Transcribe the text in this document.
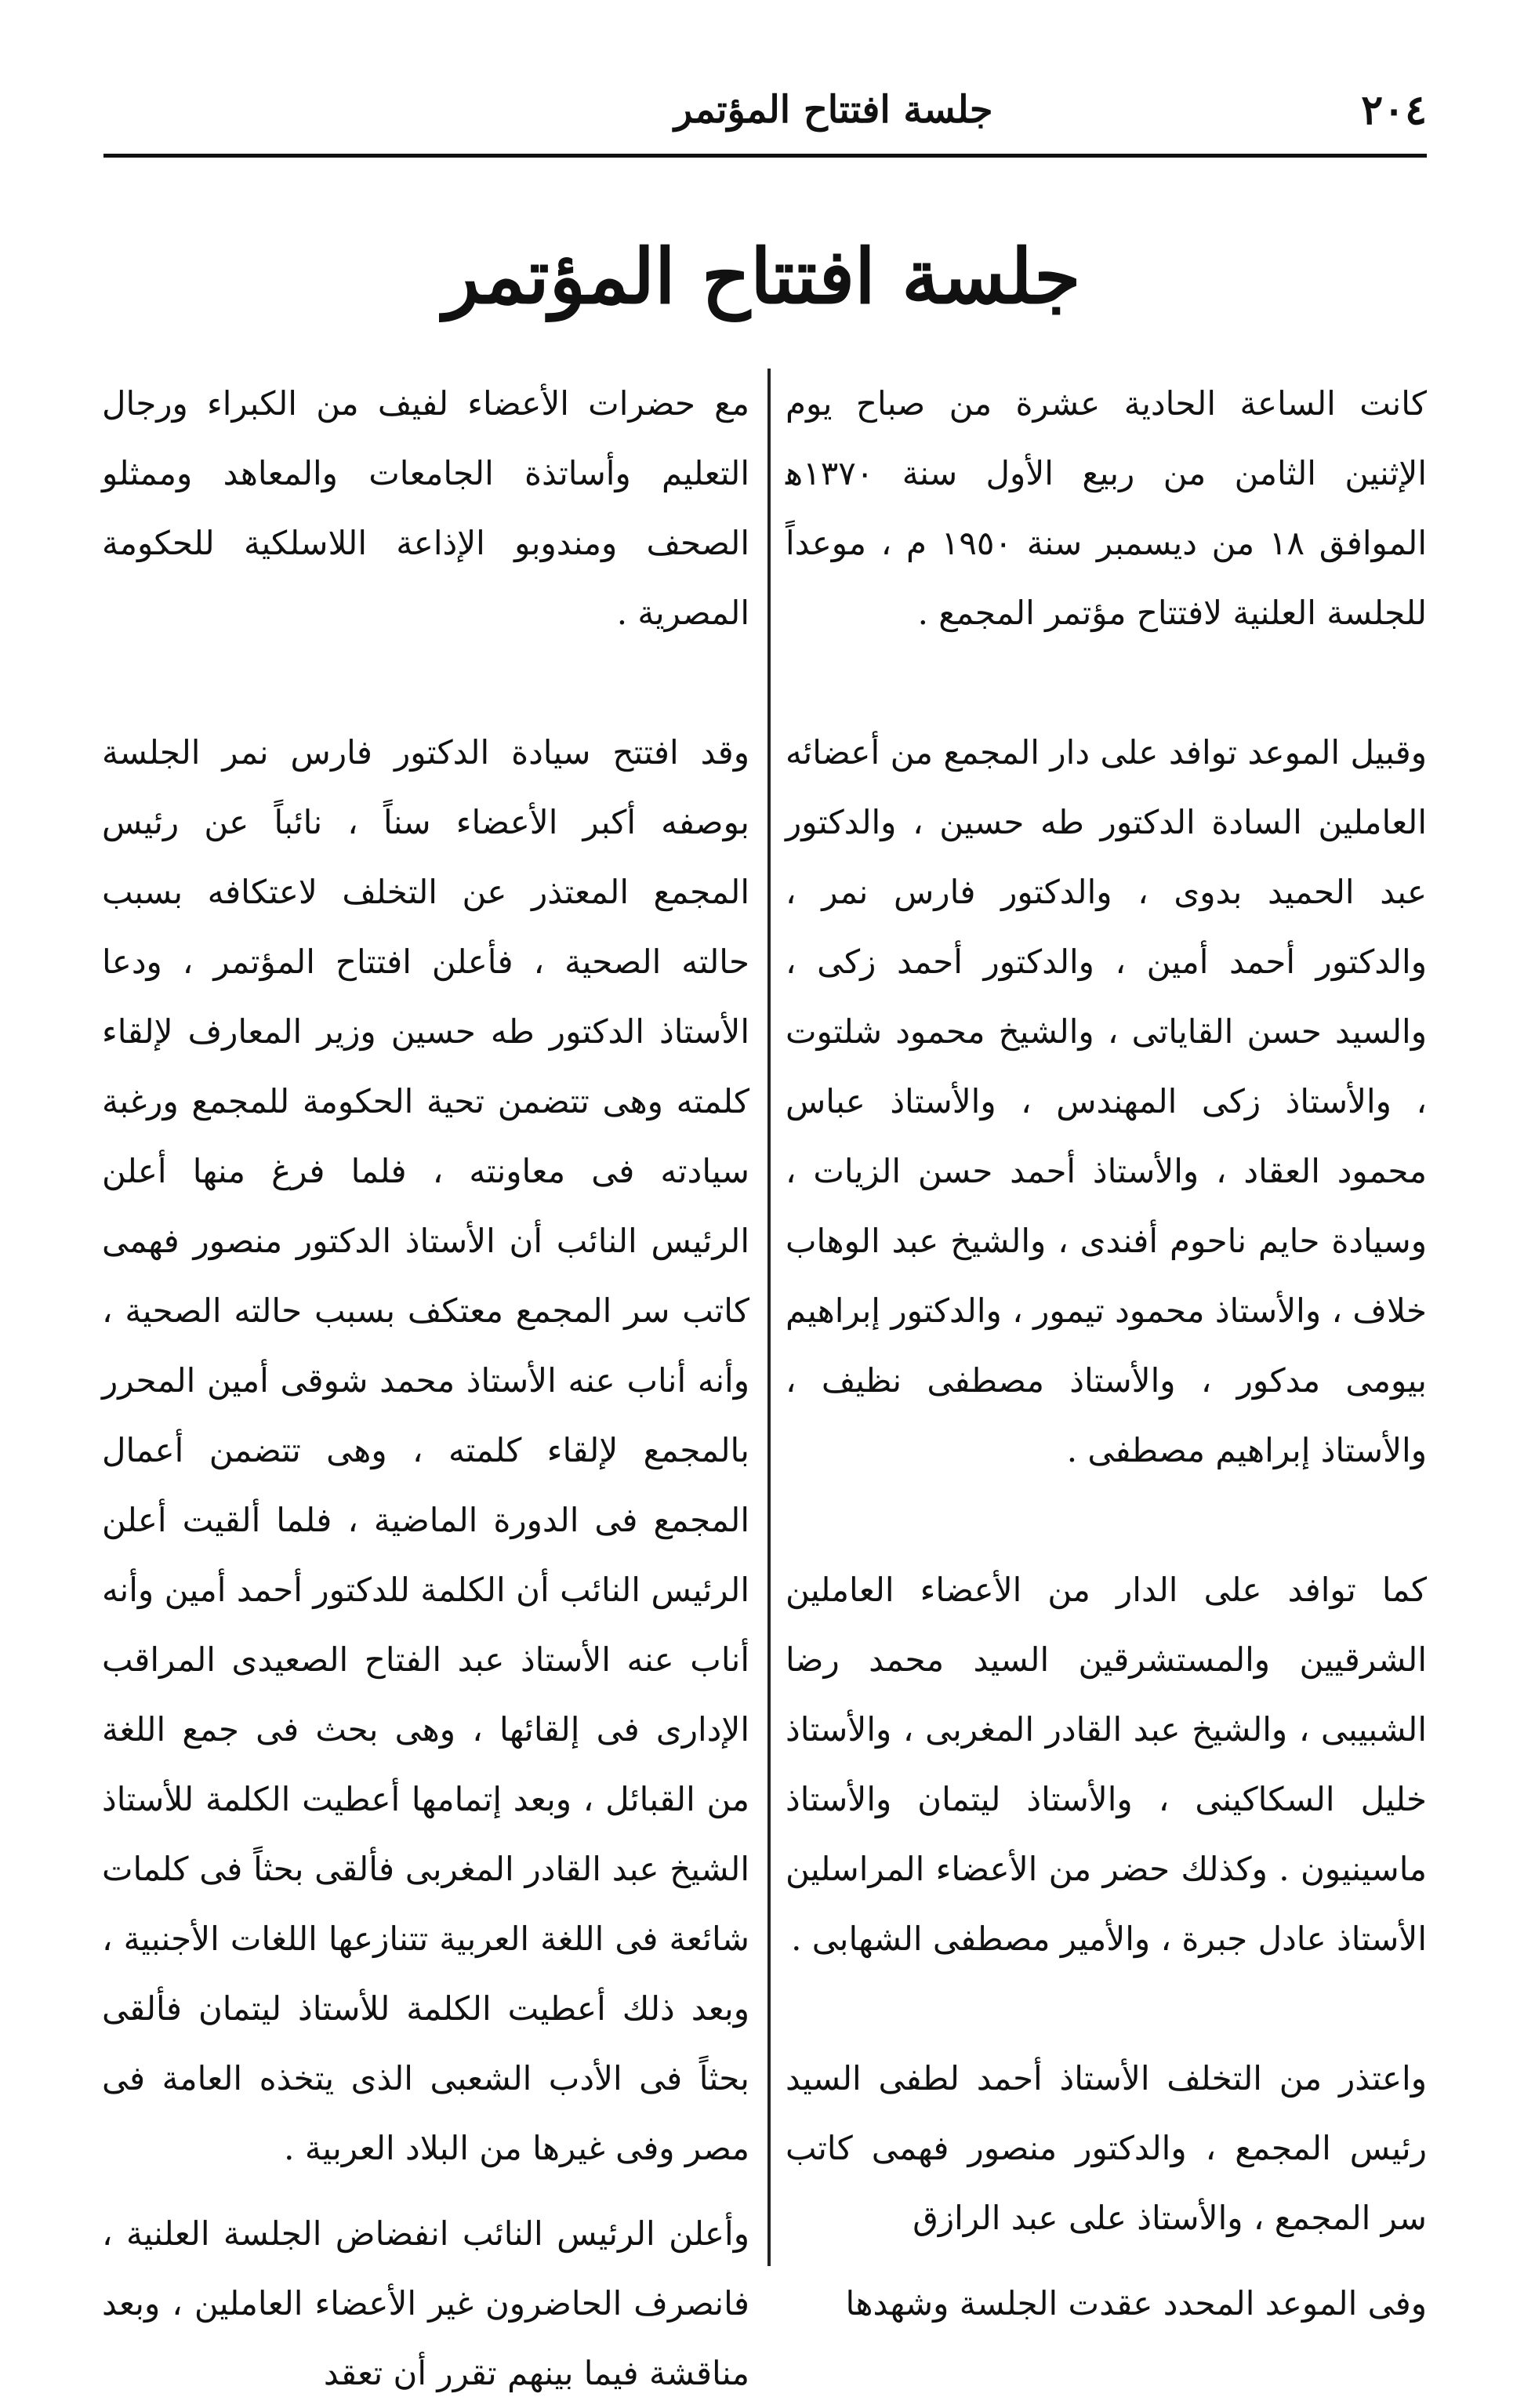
٢٠٤
جلسة افتتاح المؤتمر
جلسة افتتاح المؤتمر

كانت الساعة الحادية عشرة من صباح يوم الإثنين الثامن من ربيع الأول سنة ١٣٧٠ﻫ الموافق ١٨ من ديسمبر سنة ١٩٥٠ م ، موعداً للجلسة العلنية لافتتاح مؤتمر المجمع .

وقبيل الموعد توافد على دار المجمع من أعضائه العاملين السادة الدكتور طه حسين ، والدكتور عبد الحميد بدوى ، والدكتور فارس نمر ، والدكتور أحمد أمين ، والدكتور أحمد زكى ، والسيد حسن القاياتى ، والشيخ محمود شلتوت ، والأستاذ زكى المهندس ، والأستاذ عباس محمود العقاد ، والأستاذ أحمد حسن الزيات ، وسيادة حايم ناحوم أفندى ، والشيخ عبد الوهاب خلاف ، والأستاذ محمود تيمور ، والدكتور إبراهيم بيومى مدكور ، والأستاذ مصطفى نظيف ، والأستاذ إبراهيم مصطفى .

كما توافد على الدار من الأعضاء العاملين الشرقيين والمستشرقين السيد محمد رضا الشبيبى ، والشيخ عبد القادر المغربى ، والأستاذ خليل السكاكينى ، والأستاذ ليتمان والأستاذ ماسينيون . وكذلك حضر من الأعضاء المراسلين الأستاذ عادل جبرة ، والأمير مصطفى الشهابى .

واعتذر من التخلف الأستاذ أحمد لطفى السيد رئيس المجمع ، والدكتور منصور فهمى كاتب سر المجمع ، والأستاذ على عبد الرازق

وفى الموعد المحدد عقدت الجلسة وشهدها

مع حضرات الأعضاء لفيف من الكبراء ورجال التعليم وأساتذة الجامعات والمعاهد وممثلو الصحف ومندوبو الإذاعة اللاسلكية للحكومة المصرية .

وقد افتتح سيادة الدكتور فارس نمر الجلسة بوصفه أكبر الأعضاء سناً ، نائباً عن رئيس المجمع المعتذر عن التخلف لاعتكافه بسبب حالته الصحية ، فأعلن افتتاح المؤتمر ، ودعا الأستاذ الدكتور طه حسين وزير المعارف لإلقاء كلمته وهى تتضمن تحية الحكومة للمجمع ورغبة سيادته فى معاونته ، فلما فرغ منها أعلن الرئيس النائب أن الأستاذ الدكتور منصور فهمى كاتب سر المجمع معتكف بسبب حالته الصحية ، وأنه أناب عنه الأستاذ محمد شوقى أمين المحرر بالمجمع لإلقاء كلمته ، وهى تتضمن أعمال المجمع فى الدورة الماضية ، فلما ألقيت أعلن الرئيس النائب أن الكلمة للدكتور أحمد أمين وأنه أناب عنه الأستاذ عبد الفتاح الصعيدى المراقب الإدارى فى إلقائها ، وهى بحث فى جمع اللغة من القبائل ، وبعد إتمامها أعطيت الكلمة للأستاذ الشيخ عبد القادر المغربى فألقى بحثاً فى كلمات شائعة فى اللغة العربية تتنازعها اللغات الأجنبية ، وبعد ذلك أعطيت الكلمة للأستاذ ليتمان فألقى بحثاً فى الأدب الشعبى الذى يتخذه العامة فى مصر وفى غيرها من البلاد العربية .

وأعلن الرئيس النائب انفضاض الجلسة العلنية ، فانصرف الحاضرون غير الأعضاء العاملين ، وبعد مناقشة فيما بينهم تقرر أن تعقد
